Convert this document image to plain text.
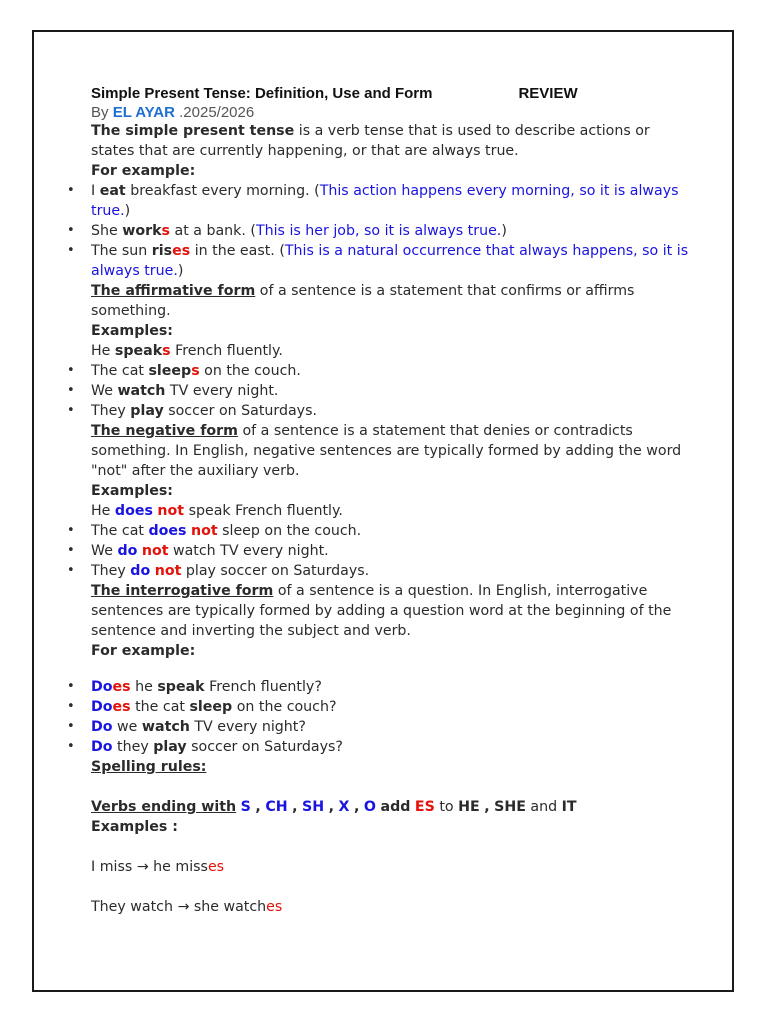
Simple Present Tense: Definition, Use and Form	REVIEW
By EL AYAR .2025/2026

The simple present tense is a verb tense that is used to describe actions or states that are currently happening, or that are always true.

For example:

• I eat breakfast every morning. (This action happens every morning, so it is always true.)
• She works at a bank. (This is her job, so it is always true.)
• The sun rises in the east. (This is a natural occurrence that always happens, so it is always true.)

The affirmative form of a sentence is a statement that confirms or affirms something.

Examples:

He speaks French fluently.

• The cat sleeps on the couch.
• We watch TV every night.
• They play soccer on Saturdays.

The negative form of a sentence is a statement that denies or contradicts something. In English, negative sentences are typically formed by adding the word "not" after the auxiliary verb.

Examples:

He does not speak French fluently.

• The cat does not sleep on the couch.
• We do not watch TV every night.
• They do not play soccer on Saturdays.

The interrogative form of a sentence is a question. In English, interrogative sentences are typically formed by adding a question word at the beginning of the sentence and inverting the subject and verb.

For example:

• Does he speak French fluently?
• Does the cat sleep on the couch?
• Do we watch TV every night?
• Do they play soccer on Saturdays?

Spelling rules:

Verbs ending with S , CH , SH , X , O add ES to HE , SHE and IT

Examples :

I miss → he misses

They watch → she watches
